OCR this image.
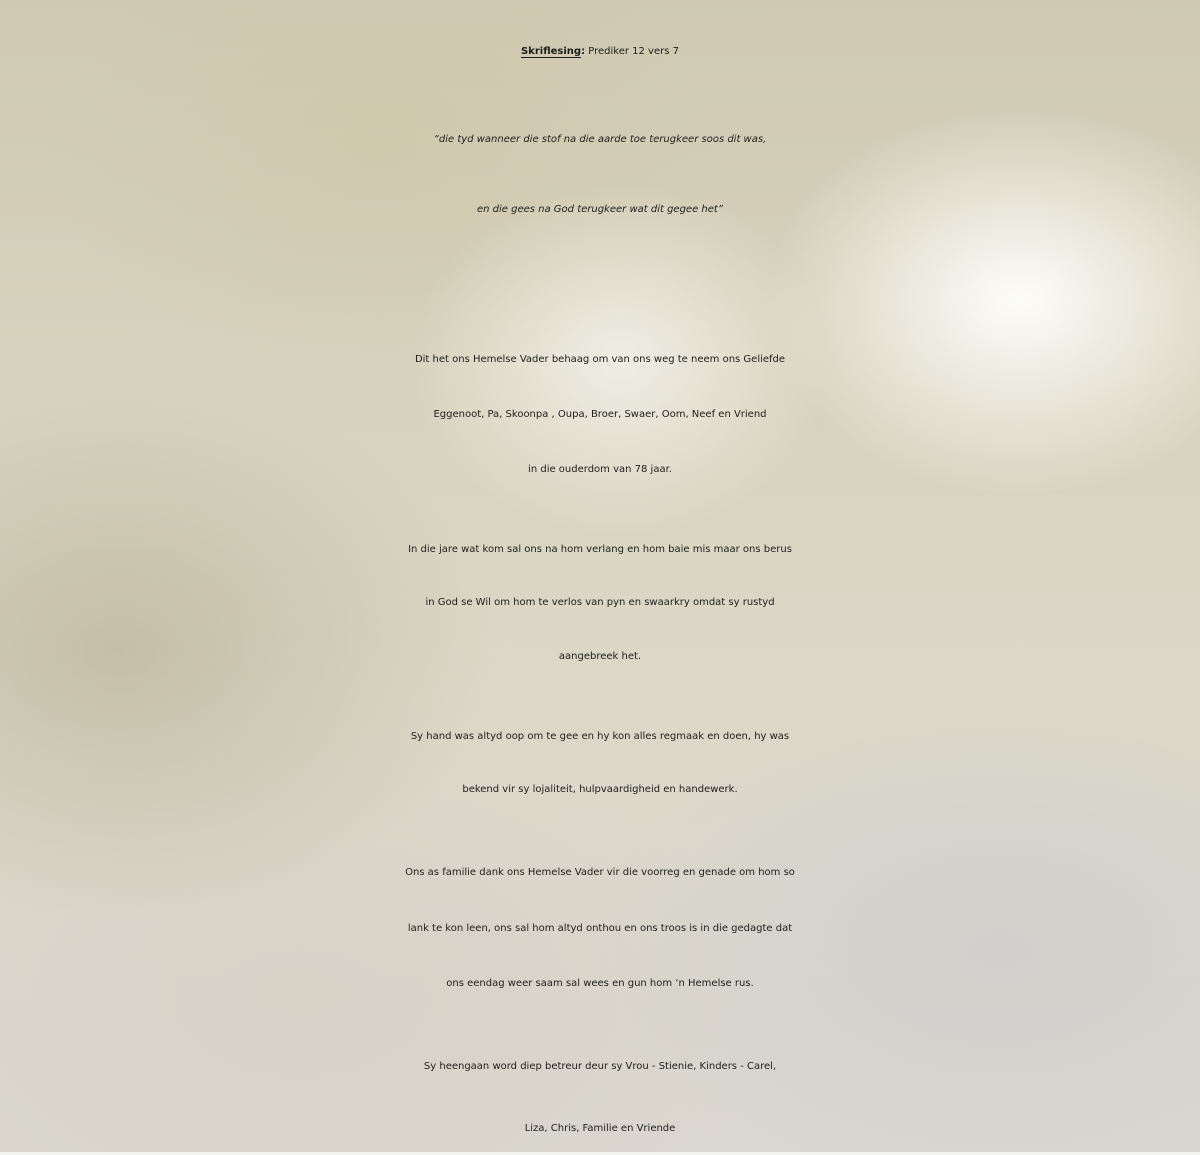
Skriflesing: Prediker 12 vers 7
“die tyd wanneer die stof na die aarde toe terugkeer soos dit was,
en die gees na God terugkeer wat dit gegee het”
Dit het ons Hemelse Vader behaag om van ons weg te neem ons Geliefde
Eggenoot, Pa, Skoonpa , Oupa, Broer, Swaer, Oom, Neef en Vriend
in die ouderdom van 78 jaar.
In die jare wat kom sal ons na hom verlang en hom baie mis maar ons berus
in God se Wil om hom te verlos van pyn en swaarkry omdat sy rustyd
aangebreek het.
Sy hand was altyd oop om te gee en hy kon alles regmaak en doen, hy was
bekend vir sy lojaliteit, hulpvaardigheid en handewerk.
Ons as familie dank ons Hemelse Vader vir die voorreg en genade om hom so
lank te kon leen, ons sal hom altyd onthou en ons troos is in die gedagte dat
ons eendag weer saam sal wees en gun hom ‘n Hemelse rus.
Sy heengaan word diep betreur deur sy Vrou - Stienie, Kinders - Carel,
Liza, Chris, Familie en Vriende
